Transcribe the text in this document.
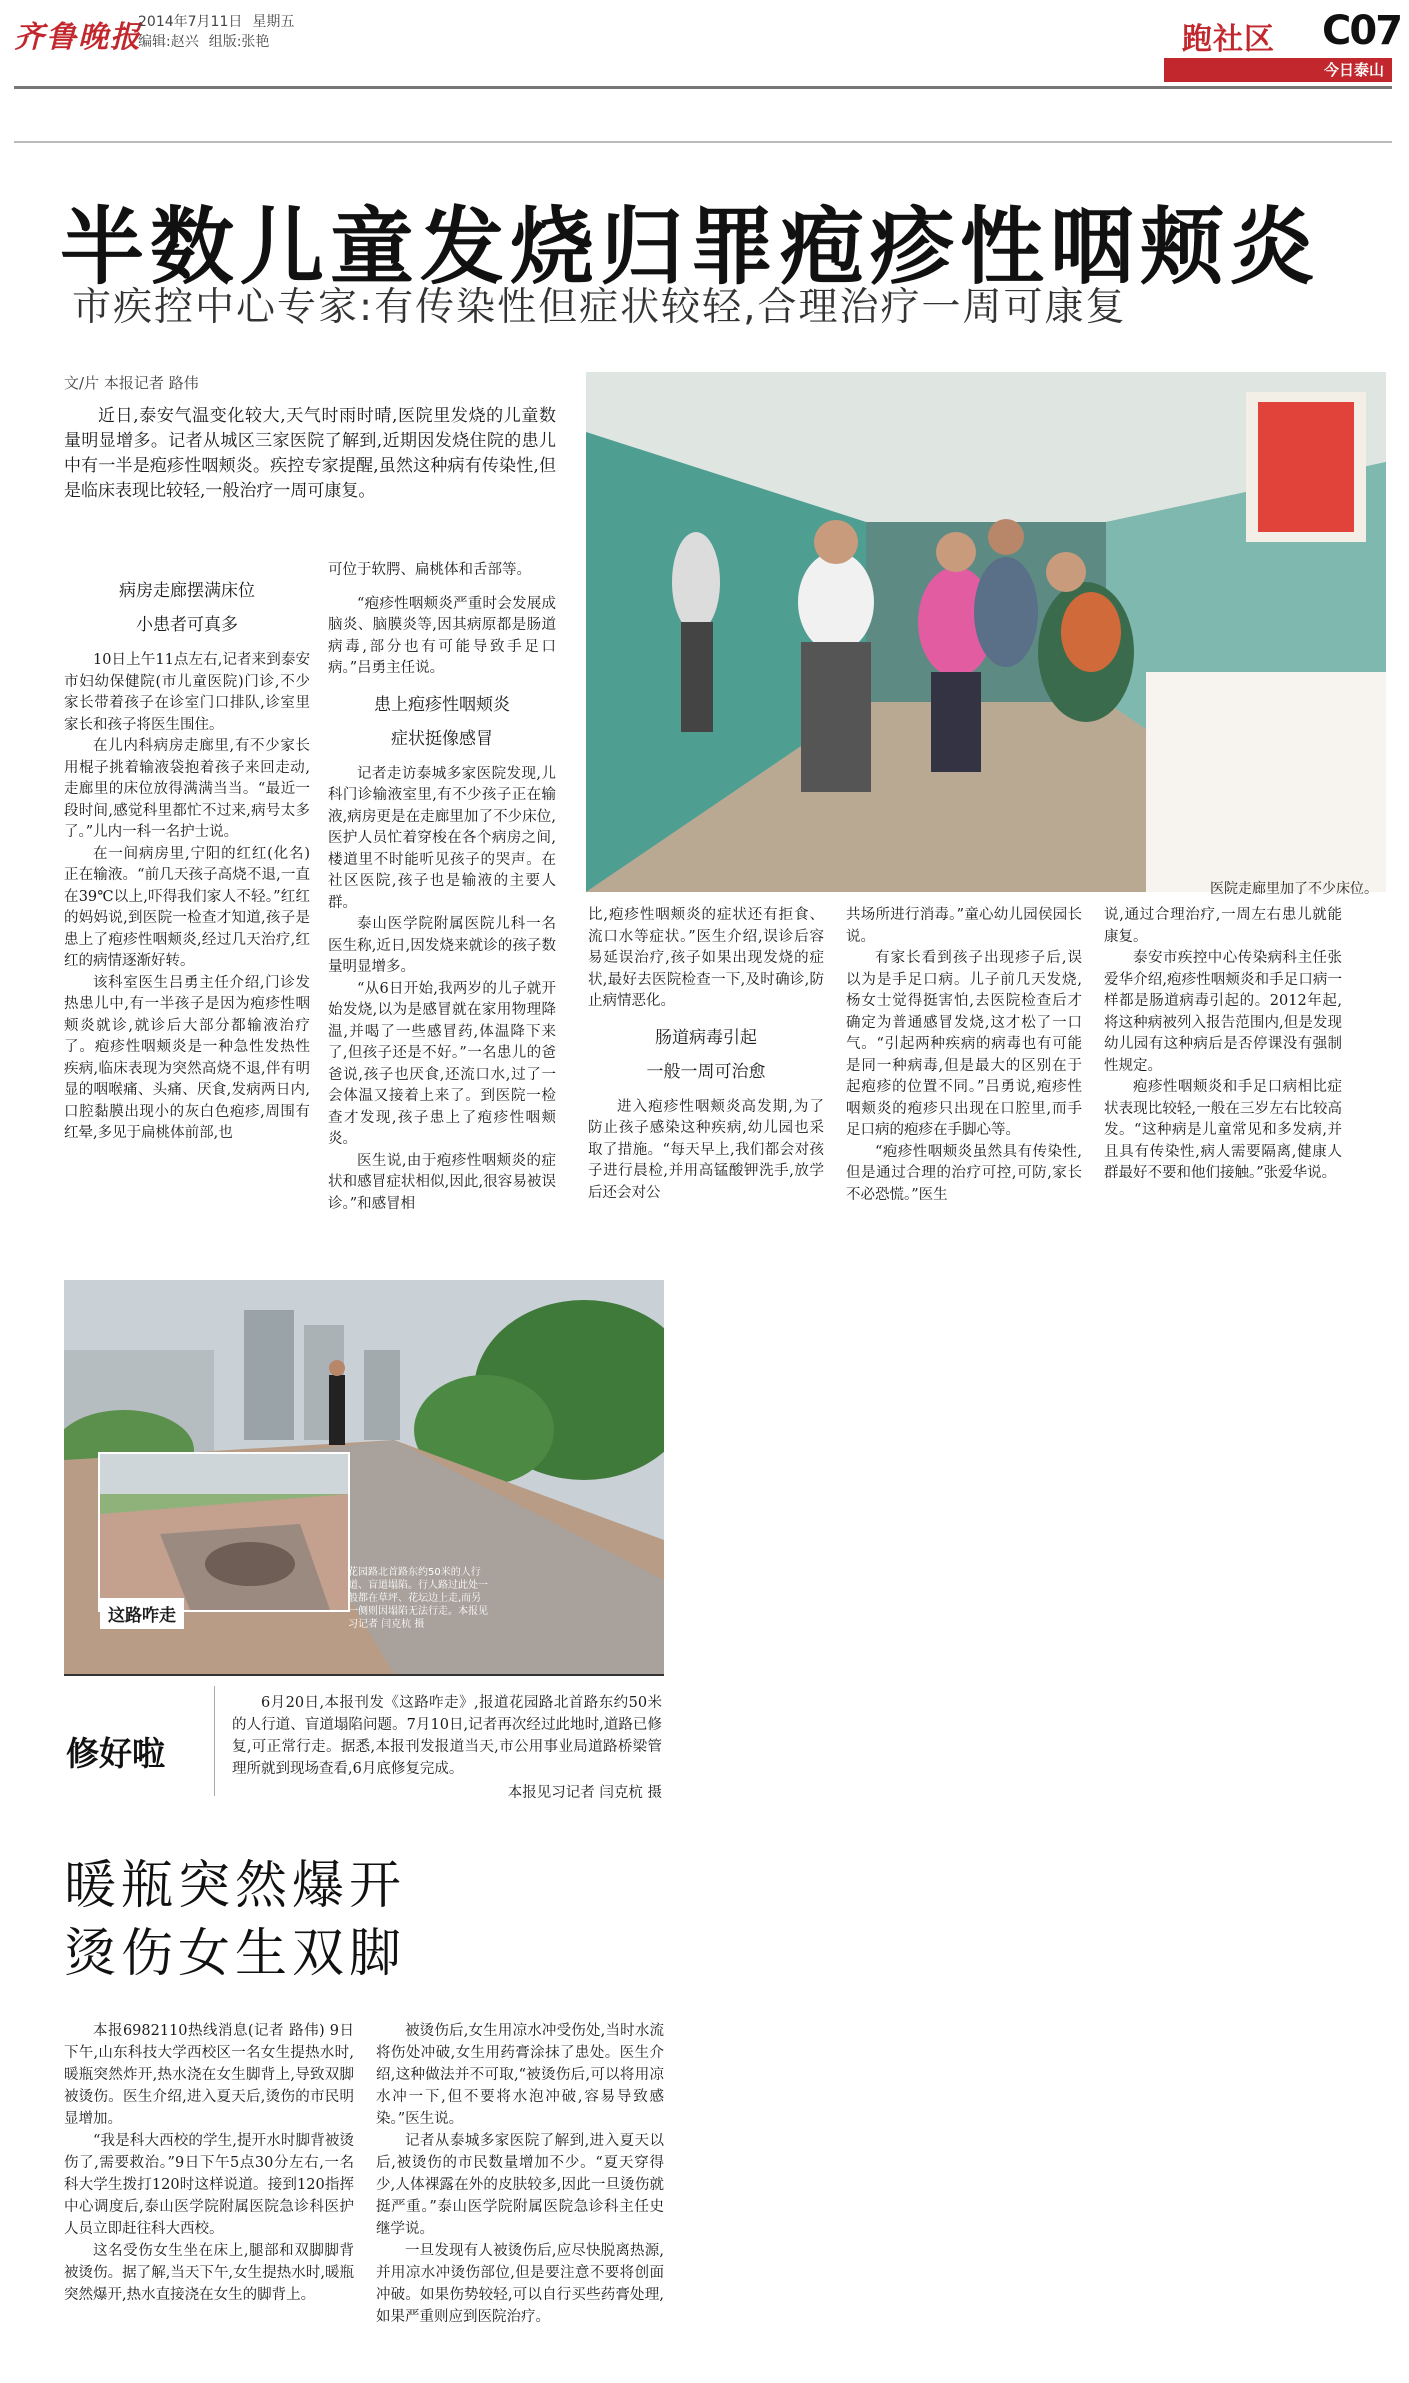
齐鲁晚报
2014年7月11日 星期五
编辑:赵兴 组版:张艳	跑社区 C07
今日泰山
半数儿童发烧归罪疱疹性咽颊炎
市疾控中心专家:有传染性但症状较轻,合理治疗一周可康复
文/片 本报记者 路伟
近日,泰安气温变化较大,天气时雨时晴,医院里发烧的儿童数量明显增多。记者从城区三家医院了解到,近期因发烧住院的患儿中有一半是疱疹性咽颊炎。疾控专家提醒,虽然这种病有传染性,但是临床表现比较轻,一般治疗一周可康复。
病房走廊摆满床位
小患者可真多

10日上午11点左右,记者来到泰安市妇幼保健院(市儿童医院)门诊,不少家长带着孩子在诊室门口排队,诊室里家长和孩子将医生围住。

在儿内科病房走廊里,有不少家长用棍子挑着输液袋抱着孩子来回走动,走廊里的床位放得满满当当。“最近一段时间,感觉科里都忙不过来,病号太多了。”儿内一科一名护士说。

在一间病房里,宁阳的红红(化名)正在输液。“前几天孩子高烧不退,一直在39℃以上,吓得我们家人不轻。”红红的妈妈说,到医院一检查才知道,孩子是患上了疱疹性咽颊炎,经过几天治疗,红红的病情逐渐好转。

该科室医生吕勇主任介绍,门诊发热患儿中,有一半孩子是因为疱疹性咽颊炎就诊,就诊后大部分都输液治疗了。疱疹性咽颊炎是一种急性发热性疾病,临床表现为突然高烧不退,伴有明显的咽喉痛、头痛、厌食,发病两日内,口腔黏膜出现小的灰白色疱疹,周围有红晕,多见于扁桃体前部,也

可位于软腭、扁桃体和舌部等。

“疱疹性咽颊炎严重时会发展成脑炎、脑膜炎等,因其病原都是肠道病毒,部分也有可能导致手足口病。”吕勇主任说。

患上疱疹性咽颊炎
症状挺像感冒

记者走访泰城多家医院发现,儿科门诊输液室里,有不少孩子正在输液,病房更是在走廊里加了不少床位,医护人员忙着穿梭在各个病房之间,楼道里不时能听见孩子的哭声。在社区医院,孩子也是输液的主要人群。

泰山医学院附属医院儿科一名医生称,近日,因发烧来就诊的孩子数量明显增多。

“从6日开始,我两岁的儿子就开始发烧,以为是感冒就在家用物理降温,并喝了一些感冒药,体温降下来了,但孩子还是不好。”一名患儿的爸爸说,孩子也厌食,还流口水,过了一会体温又接着上来了。到医院一检查才发现,孩子患上了疱疹性咽颊炎。

医生说,由于疱疹性咽颊炎的症状和感冒症状相似,因此,很容易被误诊。”和感冒相

医院走廊里加了不少床位。

比,疱疹性咽颊炎的症状还有拒食、流口水等症状。”医生介绍,误诊后容易延误治疗,孩子如果出现发烧的症状,最好去医院检查一下,及时确诊,防止病情恶化。

肠道病毒引起
一般一周可治愈

进入疱疹性咽颊炎高发期,为了防止孩子感染这种疾病,幼儿园也采取了措施。“每天早上,我们都会对孩子进行晨检,并用高锰酸钾洗手,放学后还会对公

共场所进行消毒。”童心幼儿园侯园长说。

有家长看到孩子出现疹子后,误以为是手足口病。儿子前几天发烧,杨女士觉得挺害怕,去医院检查后才确定为普通感冒发烧,这才松了一口气。“引起两种疾病的病毒也有可能是同一种病毒,但是最大的区别在于起疱疹的位置不同。”吕勇说,疱疹性咽颊炎的疱疹只出现在口腔里,而手足口病的疱疹在手脚心等。

“疱疹性咽颊炎虽然具有传染性,但是通过合理的治疗可控,可防,家长不必恐慌。”医生

说,通过合理治疗,一周左右患儿就能康复。

泰安市疾控中心传染病科主任张爱华介绍,疱疹性咽颊炎和手足口病一样都是肠道病毒引起的。2012年起,将这种病被列入报告范围内,但是发现幼儿园有这种病后是否停课没有强制性规定。

疱疹性咽颊炎和手足口病相比症状表现比较轻,一般在三岁左右比较高发。“这种病是儿童常见和多发病,并且具有传染性,病人需要隔离,健康人群最好不要和他们接触。”张爱华说。

花园路北首路东约50米的人行道、盲道塌陷。行人路过此处一般都在草坪、花坛边上走,而另一侧则因塌陷无法行走。本报见习记者 闫克杭 摄
这路咋走
修好啦

6月20日,本报刊发《这路咋走》,报道花园路北首路东约50米的人行道、盲道塌陷问题。7月10日,记者再次经过此地时,道路已修复,可正常行走。据悉,本报刊发报道当天,市公用事业局道路桥梁管理所就到现场查看,6月底修复完成。

本报见习记者 闫克杭 摄
暖瓶突然爆开
烫伤女生双脚

本报6982110热线消息(记者 路伟) 9日下午,山东科技大学西校区一名女生提热水时,暖瓶突然炸开,热水浇在女生脚背上,导致双脚被烫伤。医生介绍,进入夏天后,烫伤的市民明显增加。

“我是科大西校的学生,提开水时脚背被烫伤了,需要救治。”9日下午5点30分左右,一名科大学生拨打120时这样说道。接到120指挥中心调度后,泰山医学院附属医院急诊科医护人员立即赶往科大西校。

这名受伤女生坐在床上,腿部和双脚脚背被烫伤。据了解,当天下午,女生提热水时,暖瓶突然爆开,热水直接浇在女生的脚背上。

被烫伤后,女生用凉水冲受伤处,当时水流将伤处冲破,女生用药膏涂抹了患处。医生介绍,这种做法并不可取,“被烫伤后,可以将用凉水冲一下,但不要将水泡冲破,容易导致感染。”医生说。

记者从泰城多家医院了解到,进入夏天以后,被烫伤的市民数量增加不少。“夏天穿得少,人体裸露在外的皮肤较多,因此一旦烫伤就挺严重。”泰山医学院附属医院急诊科主任史继学说。

一旦发现有人被烫伤后,应尽快脱离热源,并用凉水冲烫伤部位,但是要注意不要将创面冲破。如果伤势较轻,可以自行买些药膏处理,如果严重则应到医院治疗。
